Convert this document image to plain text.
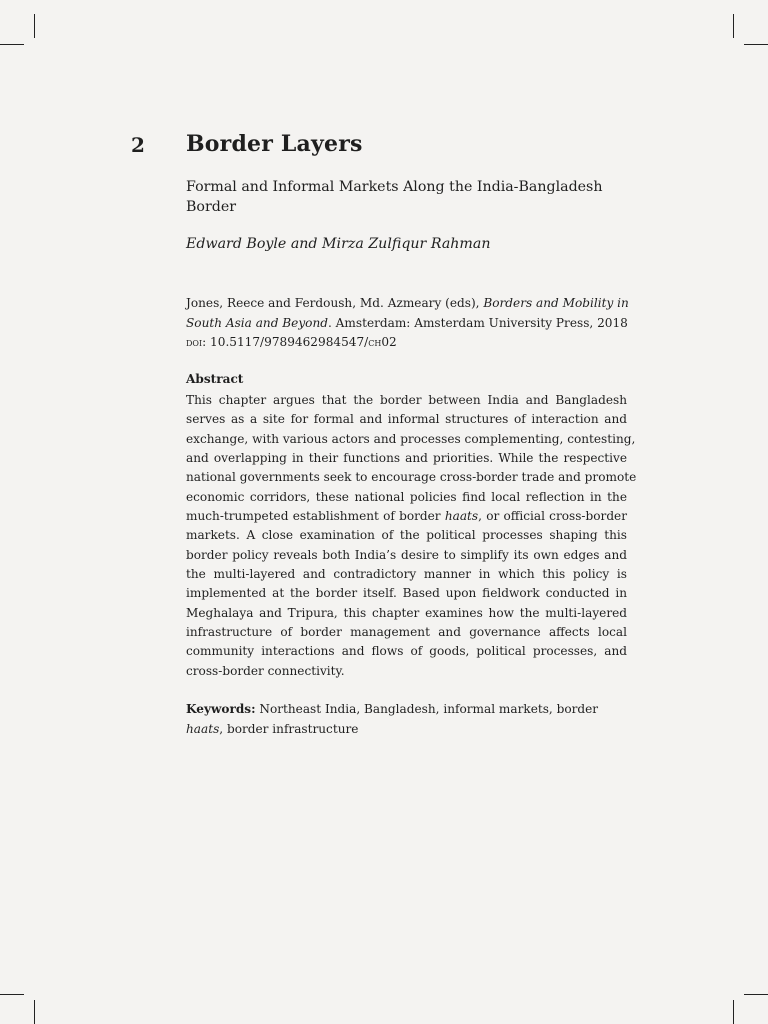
2 Border Layers
Formal and Informal Markets Along the India-Bangladesh Border
Edward Boyle and Mirza Zulfiqur Rahman
Jones, Reece and Ferdoush, Md. Azmeary (eds), Borders and Mobility in South Asia and Beyond. Amsterdam: Amsterdam University Press, 2018
doi: 10.5117/9789462984547/ch02
Abstract
This chapter argues that the border between India and Bangladesh
serves as a site for formal and informal structures of interaction and
exchange, with various actors and processes complementing, contesting,
and overlapping in their functions and priorities. While the respective
national governments seek to encourage cross-border trade and promote
economic corridors, these national policies find local reflection in the
much-trumpeted establishment of border haats, or official cross-border
markets. A close examination of the political processes shaping this
border policy reveals both India’s desire to simplify its own edges and
the multi-layered and contradictory manner in which this policy is
implemented at the border itself. Based upon fieldwork conducted in
Meghalaya and Tripura, this chapter examines how the multi-layered
infrastructure of border management and governance affects local
community interactions and flows of goods, political processes, and
cross-border connectivity.
Keywords: Northeast India, Bangladesh, informal markets, border haats, border infrastructure
